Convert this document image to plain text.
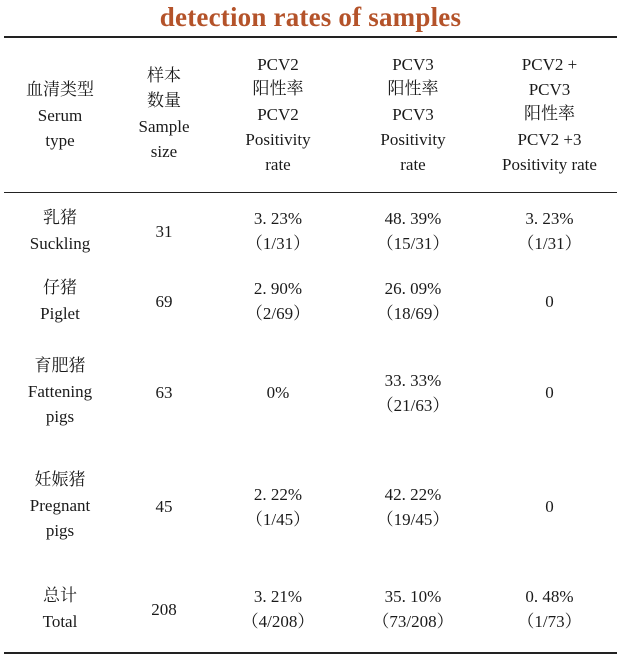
detection rates of samples
血清类型
Serum
type
样本
数量
Sample
size
PCV2
阳性率
PCV2
Positivity
rate
PCV3
阳性率
PCV3
Positivity
rate
PCV2 +
PCV3
阳性率
PCV2 +3
Positivity rate
乳猪
Suckling
31
3. 23%
（1/31）
48. 39%
（15/31）
3. 23%
（1/31）
仔猪
Piglet
69
2. 90%
（2/69）
26. 09%
（18/69）
0
育肥猪
Fattening
pigs
63	0%
33. 33%
（21/63）
0
妊娠猪
Pregnant
pigs
45
2. 22%
（1/45）
42. 22%
（19/45）
0
总计
Total
208
3. 21%
（4/208）
35. 10%
（73/208）
0. 48%
（1/73）
